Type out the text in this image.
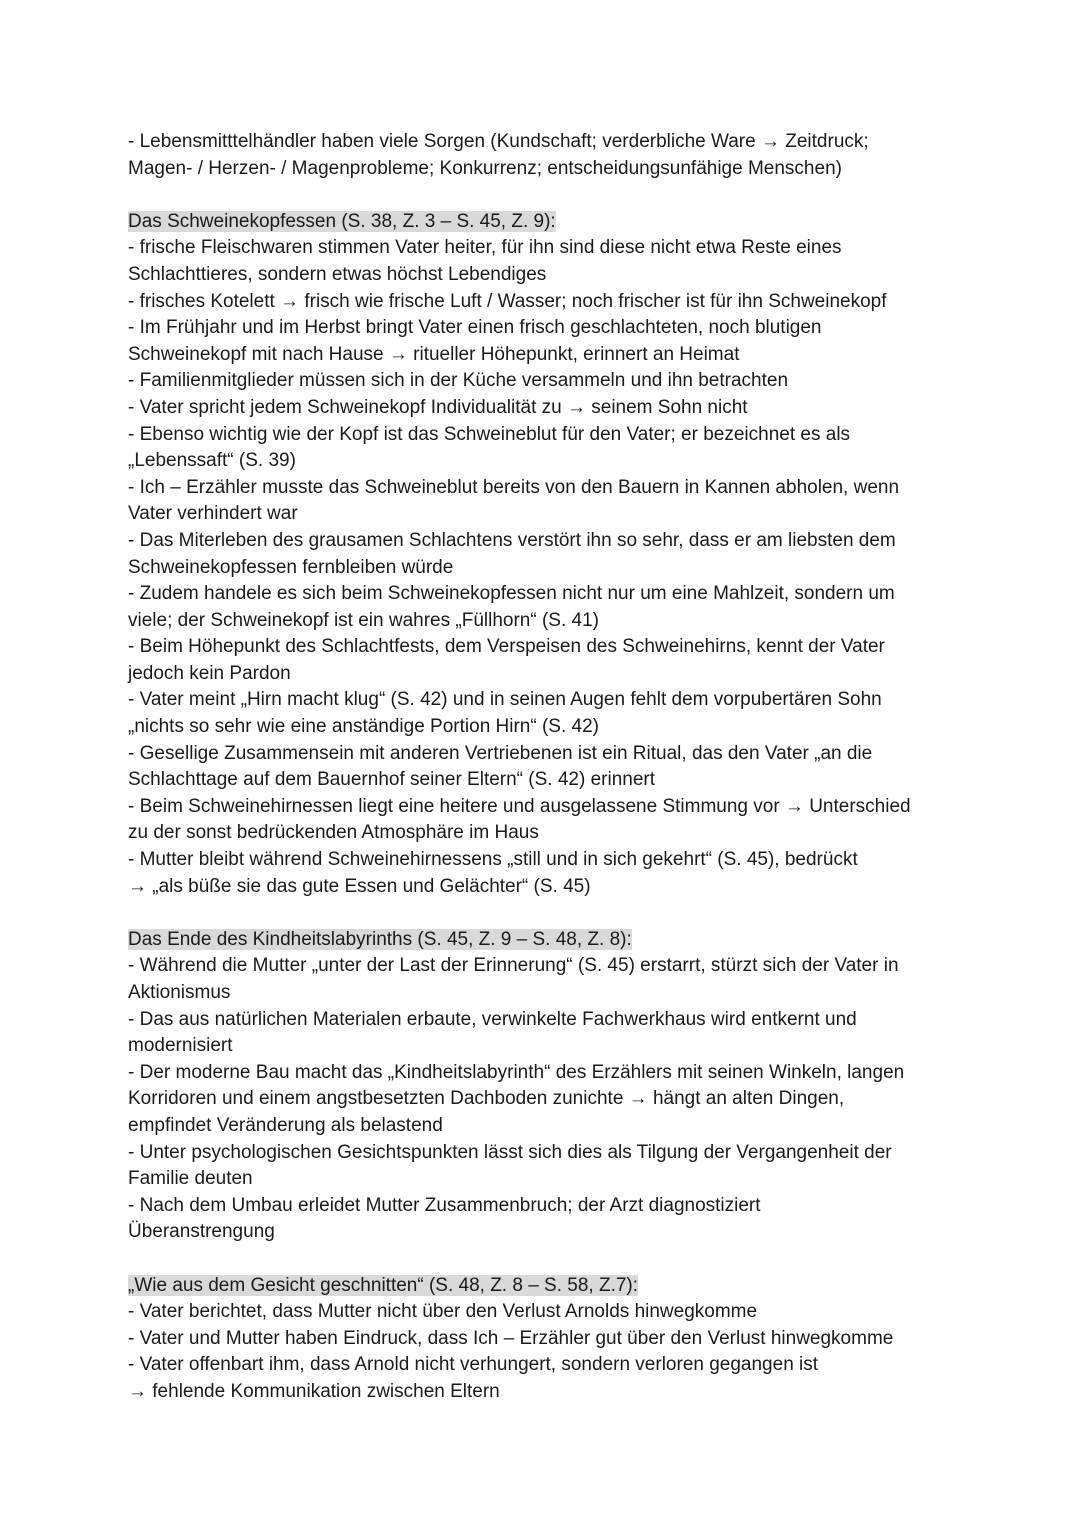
- Lebensmitttelhändler haben viele Sorgen (Kundschaft; verderbliche Ware → Zeitdruck;
Magen- / Herzen- / Magenprobleme; Konkurrenz; entscheidungsunfähige Menschen)
Das Schweinekopfessen (S. 38, Z. 3 – S. 45, Z. 9):
- frische Fleischwaren stimmen Vater heiter, für ihn sind diese nicht etwa Reste eines
Schlachttieres, sondern etwas höchst Lebendiges
- frisches Kotelett → frisch wie frische Luft / Wasser; noch frischer ist für ihn Schweinekopf
- Im Frühjahr und im Herbst bringt Vater einen frisch geschlachteten, noch blutigen
Schweinekopf mit nach Hause → ritueller Höhepunkt, erinnert an Heimat
- Familienmitglieder müssen sich in der Küche versammeln und ihn betrachten
- Vater spricht jedem Schweinekopf Individualität zu → seinem Sohn nicht
- Ebenso wichtig wie der Kopf ist das Schweineblut für den Vater; er bezeichnet es als
„Lebenssaft“ (S. 39)
- Ich – Erzähler musste das Schweineblut bereits von den Bauern in Kannen abholen, wenn
Vater verhindert war
- Das Miterleben des grausamen Schlachtens verstört ihn so sehr, dass er am liebsten dem
Schweinekopfessen fernbleiben würde
- Zudem handele es sich beim Schweinekopfessen nicht nur um eine Mahlzeit, sondern um
viele; der Schweinekopf ist ein wahres „Füllhorn“ (S. 41)
- Beim Höhepunkt des Schlachtfests, dem Verspeisen des Schweinehirns, kennt der Vater
jedoch kein Pardon
- Vater meint „Hirn macht klug“ (S. 42) und in seinen Augen fehlt dem vorpubertären Sohn
„nichts so sehr wie eine anständige Portion Hirn“ (S. 42)
- Gesellige Zusammensein mit anderen Vertriebenen ist ein Ritual, das den Vater „an die
Schlachttage auf dem Bauernhof seiner Eltern“ (S. 42) erinnert
- Beim Schweinehirnessen liegt eine heitere und ausgelassene Stimmung vor → Unterschied
zu der sonst bedrückenden Atmosphäre im Haus
- Mutter bleibt während Schweinehirnessens „still und in sich gekehrt“ (S. 45), bedrückt
→ „als büße sie das gute Essen und Gelächter“ (S. 45)
Das Ende des Kindheitslabyrinths (S. 45, Z. 9 – S. 48, Z. 8):
- Während die Mutter „unter der Last der Erinnerung“ (S. 45) erstarrt, stürzt sich der Vater in
Aktionismus
- Das aus natürlichen Materialen erbaute, verwinkelte Fachwerkhaus wird entkernt und
modernisiert
- Der moderne Bau macht das „Kindheitslabyrinth“ des Erzählers mit seinen Winkeln, langen
Korridoren und einem angstbesetzten Dachboden zunichte → hängt an alten Dingen,
empfindet Veränderung als belastend
- Unter psychologischen Gesichtspunkten lässt sich dies als Tilgung der Vergangenheit der
Familie deuten
- Nach dem Umbau erleidet Mutter Zusammenbruch; der Arzt diagnostiziert
Überanstrengung
„Wie aus dem Gesicht geschnitten“ (S. 48, Z. 8 – S. 58, Z.7):
- Vater berichtet, dass Mutter nicht über den Verlust Arnolds hinwegkomme
- Vater und Mutter haben Eindruck, dass Ich – Erzähler gut über den Verlust hinwegkomme
- Vater offenbart ihm, dass Arnold nicht verhungert, sondern verloren gegangen ist
→ fehlende Kommunikation zwischen Eltern
